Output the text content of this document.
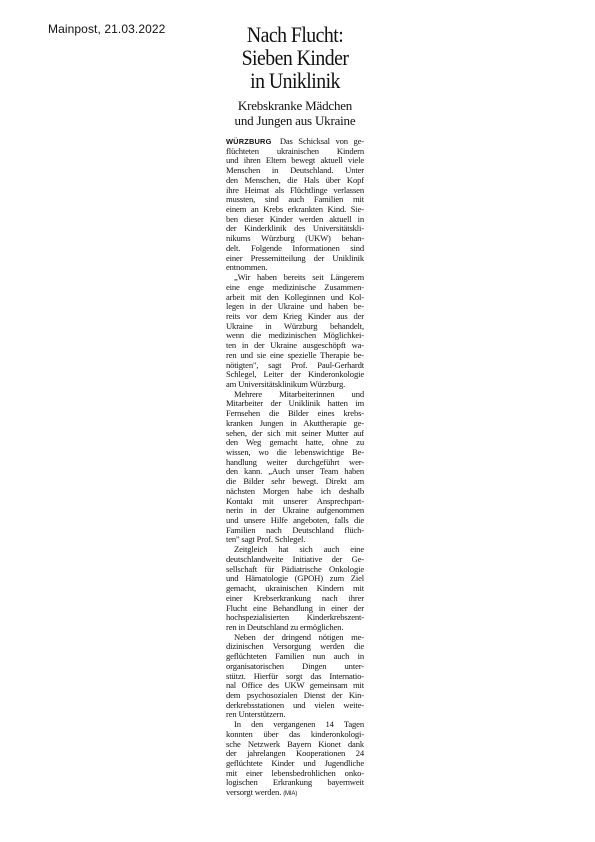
Mainpost, 21.03.2022	Nach Flucht:
Sieben Kinder
in Uniklinik
Krebskranke Mädchen
und Jungen aus Ukraine

WÜRZBURG   Das Schicksal von ge-
flüchteten ukrainischen Kindern
und ihren Eltern bewegt aktuell viele
Menschen in Deutschland. Unter
den Menschen, die Hals über Kopf
ihre Heimat als Flüchtlinge verlassen
mussten, sind auch Familien mit
einem an Krebs erkrankten Kind. Sie-
ben dieser Kinder werden aktuell in
der Kinderklinik des Universitätskli-
nikums Würzburg (UKW) behan-
delt. Folgende Informationen sind
einer Pressemitteilung der Uniklinik
entnommen.

„Wir haben bereits seit Längerem
eine enge medizinische Zusammen-
arbeit mit den Kolleginnen und Kol-
legen in der Ukraine und haben be-
reits vor dem Krieg Kinder aus der
Ukraine in Würzburg behandelt,
wenn die medizinischen Möglichkei-
ten in der Ukraine ausgeschöpft wa-
ren und sie eine spezielle Therapie be-
nötigten", sagt Prof. Paul-Gerhardt
Schlegel, Leiter der Kinderonkologie
am Universitätsklinikum Würzburg.

Mehrere Mitarbeiterinnen und
Mitarbeiter der Uniklinik hatten im
Fernsehen die Bilder eines krebs-
kranken Jungen in Akuttherapie ge-
sehen, der sich mit seiner Mutter auf
den Weg gemacht hatte, ohne zu
wissen, wo die lebenswichtige Be-
handlung weiter durchgeführt wer-
den kann. „Auch unser Team haben
die Bilder sehr bewegt. Direkt am
nächsten Morgen habe ich deshalb
Kontakt mit unserer Ansprechpart-
nerin in der Ukraine aufgenommen
und unsere Hilfe angeboten, falls die
Familien nach Deutschland flüch-
ten" sagt Prof. Schlegel.

Zeitgleich hat sich auch eine
deutschlandweite Initiative der Ge-
sellschaft für Pädiatrische Onkologie
und Hämatologie (GPOH) zum Ziel
gemacht, ukrainischen Kindern mit
einer Krebserkrankung nach ihrer
Flucht eine Behandlung in einer der
hochspezialisierten Kinderkrebszent-
ren in Deutschland zu ermöglichen.

Neben der dringend nötigen me-
dizinischen Versorgung werden die
geflüchteten Familien nun auch in
organisatorischen Dingen unter-
stützt. Hierfür sorgt das Internatio-
nal Office des UKW gemeinsam mit
dem psychosozialen Dienst der Kin-
derkrebsstationen und vielen weite-
ren Unterstützern.

In den vergangenen 14 Tagen
konnten über das kinderonkologi-
sche Netzwerk Bayern Kionet dank
der jahrelangen Kooperationen 24
geflüchtete Kinder und Jugendliche
mit einer lebensbedrohlichen onko-
logischen Erkrankung bayernweit
versorgt werden. (MIA)
